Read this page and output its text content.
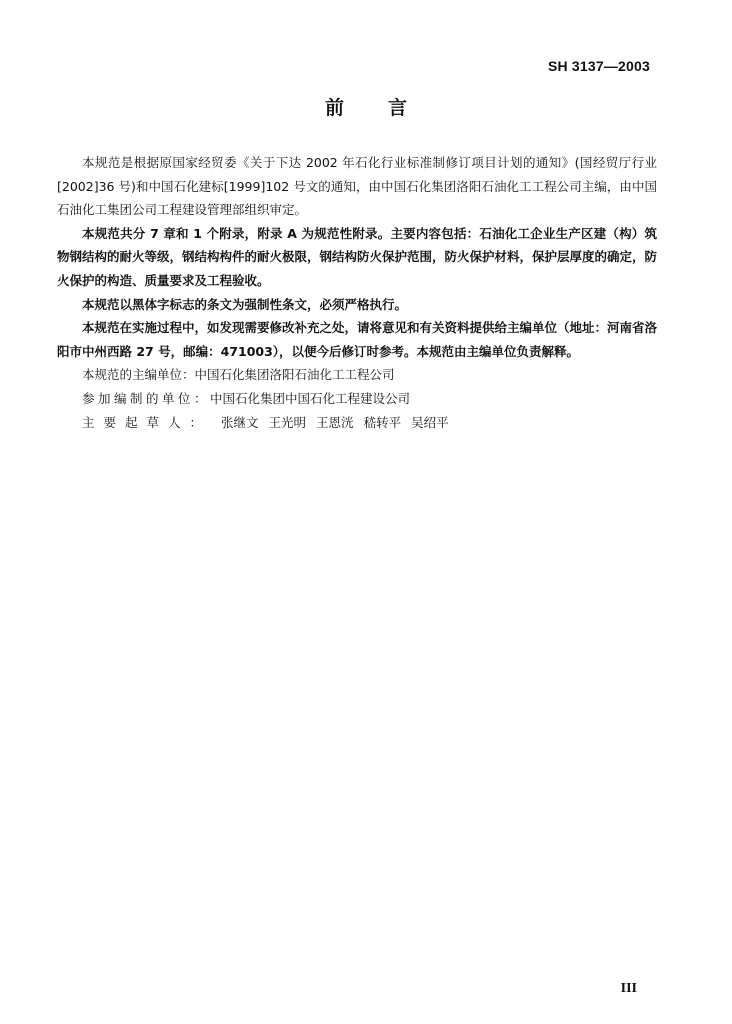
SH 3137—2003
前言

本规范是根据原国家经贸委《关于下达 2002 年石化行业标准制修订项目计划的通知》(国经贸厅行业[2002]36 号)和中国石化建标[1999]102 号文的通知，由中国石化集团洛阳石油化工工程公司主编，由中国石油化工集团公司工程建设管理部组织审定。

本规范共分 7 章和 1 个附录，附录 A 为规范性附录。主要内容包括：石油化工企业生产区建（构）筑物钢结构的耐火等级，钢结构构件的耐火极限，钢结构防火保护范围，防火保护材料，保护层厚度的确定，防火保护的构造、质量要求及工程验收。

本规范以黑体字标志的条文为强制性条文，必须严格执行。

本规范在实施过程中，如发现需要修改补充之处，请将意见和有关资料提供给主编单位（地址：河南省洛阳市中州西路 27 号，邮编：471003），以便今后修订时参考。本规范由主编单位负责解释。

本规范的主编单位：中国石化集团洛阳石油化工工程公司
参加编制的单位：中国石化集团中国石化工程建设公司
主要起草人： 张继文 王光明 王恩洸 嵇转平 吴绍平
III
